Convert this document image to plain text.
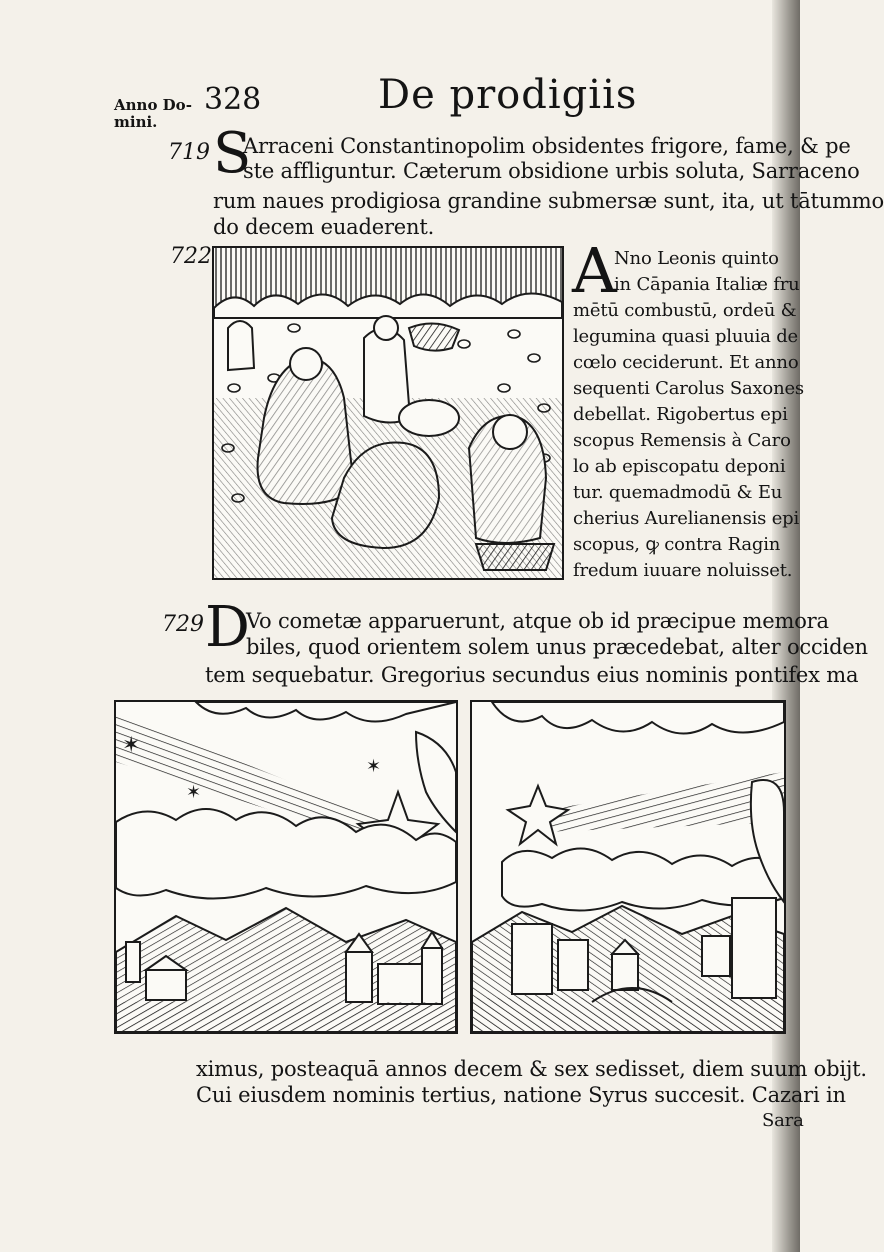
Anno Do-
mini.
328	De prodigiis
719 S
Arraceni Constantinopolim obsidentes frigore, fame, & pe
ste affliguntur. Cæterum obsidione urbis soluta, Sarraceno
rum naues prodigiosa grandine submersæ sunt, ita, ut tātummo
do decem euaderent.
722	A
Nno Leonis quinto
in Cāpania Italiæ fru
mētū combustū, ordeū &
legumina quasi pluuia de
cœlo ceciderunt. Et anno
sequenti Carolus Saxones
debellat. Rigobertus epi
scopus Remensis à Caro
lo ab episcopatu deponi
tur. quemadmodū & Eu
cherius Aurelianensis epi
scopus, ꝙ contra Ragin
fredum iuuare noluisset.
729 D
Vo cometæ apparuerunt, atque ob id præcipue memora
biles, quod orientem solem unus præcedebat, alter occiden
tem sequebatur. Gregorius secundus eius nominis pontifex ma
✶
✶
✶
ximus, posteaquā annos decem & sex sedisset, diem suum obijt.
Cui eiusdem nominis tertius, natione Syrus succesit. Cazari in
Sara
